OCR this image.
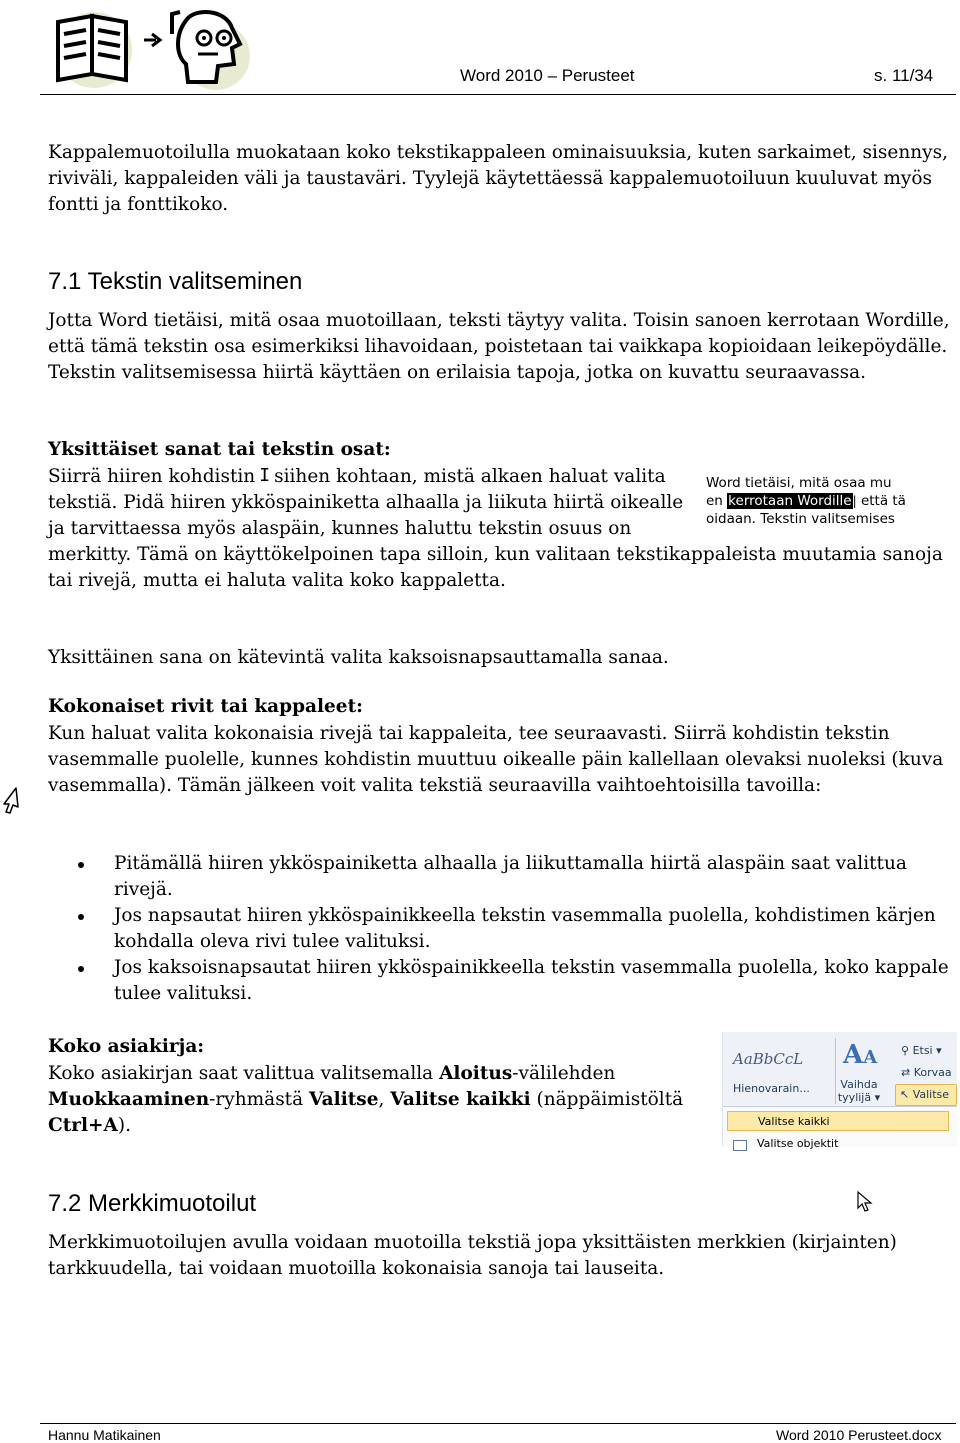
Word 2010 – Perusteet	s. 11/34

Kappalemuotoilulla muokataan koko tekstikappaleen ominaisuuksia, kuten sarkaimet, sisennys, riviväli, kappaleiden väli ja taustaväri. Tyylejä käytettäessä kappalemuotoiluun kuuluvat myös fontti ja fonttikoko.

7.1 Tekstin valitseminen

Jotta Word tietäisi, mitä osaa muotoillaan, teksti täytyy valita. Toisin sanoen kerrotaan Wordille, että tämä tekstin osa esimerkiksi lihavoidaan, poistetaan tai vaikkapa kopioidaan leikepöydälle. Tekstin valitsemisessa hiirtä käyttäen on erilaisia tapoja, jotka on kuvattu seuraavassa.

Yksittäiset sanat tai tekstin osat:

Siirrä hiiren kohdistin I siihen kohtaan, mistä alkaen haluat valita tekstiä. Pidä hiiren ykköspainiketta alhaalla ja liikuta hiirtä oikealle ja tarvittaessa myös alaspäin, kunnes haluttu tekstin osuus on merkitty. Tämä on käyttökelpoinen tapa silloin, kun valitaan tekstikappaleista muutamia sanoja tai rivejä, mutta ei haluta valita koko kappaletta.

Word tietäisi, mitä osaa mu
en kerrotaan Wordille| että tä
oidaan. Tekstin valitsemises

Yksittäinen sana on kätevintä valita kaksoisnapsauttamalla sanaa.

Kokonaiset rivit tai kappaleet:

Kun haluat valita kokonaisia rivejä tai kappaleita, tee seuraavasti. Siirrä kohdistin tekstin vasemmalle puolelle, kunnes kohdistin muuttuu oikealle päin kallellaan olevaksi nuoleksi (kuva vasemmalla). Tämän jälkeen voit valita tekstiä seuraavilla vaihtoehtoisilla tavoilla:

Pitämällä hiiren ykköspainiketta alhaalla ja liikuttamalla hiirtä alaspäin saat valittua rivejä.
Jos napsautat hiiren ykköspainikkeella tekstin vasemmalla puolella, kohdistimen kärjen kohdalla oleva rivi tulee valituksi.
Jos kaksoisnapsautat hiiren ykköspainikkeella tekstin vasemmalla puolella, koko kappale tulee valituksi.
Koko asiakirja:

Koko asiakirjan saat valittua valitsemalla Aloitus-välilehden Muokkaaminen-ryhmästä Valitse, Valitse kaikki (näppäimistöltä Ctrl+A).

AaBbCcL
Hienovarain...
AA
Vaihda
tyylijä ▾
⚲ Etsi ▾
⇄ Korvaa
↖ Valitse
Valitse kaikki
Valitse objektit
7.2 Merkkimuotoilut

Merkkimuotoilujen avulla voidaan muotoilla tekstiä jopa yksittäisten merkkien (kirjainten) tarkkuudella, tai voidaan muotoilla kokonaisia sanoja tai lauseita.

Hannu Matikainen	Word 2010 Perusteet.docx
